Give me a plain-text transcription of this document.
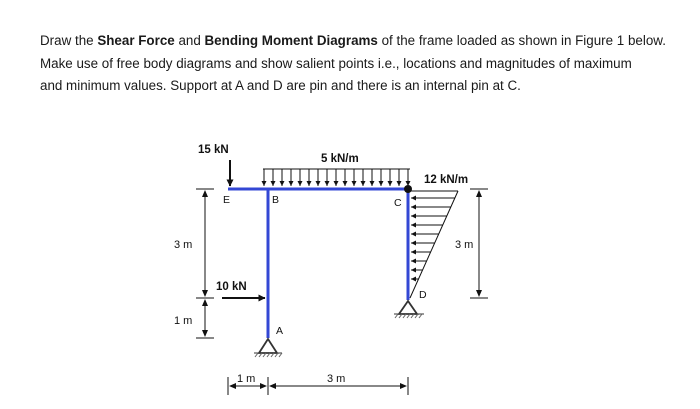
Draw the Shear Force and Bending Moment Diagrams of the frame loaded as shown in Figure 1 below.
Make use of free body diagrams and show salient points i.e., locations and magnitudes of maximum
and minimum values. Support at A and D are pin and there is an internal pin at C.

15 kN
5 kN/m
12 kN/m
10 kN
E	B	C
D
A
3 m
1 m
3 m
1 m	3 m
